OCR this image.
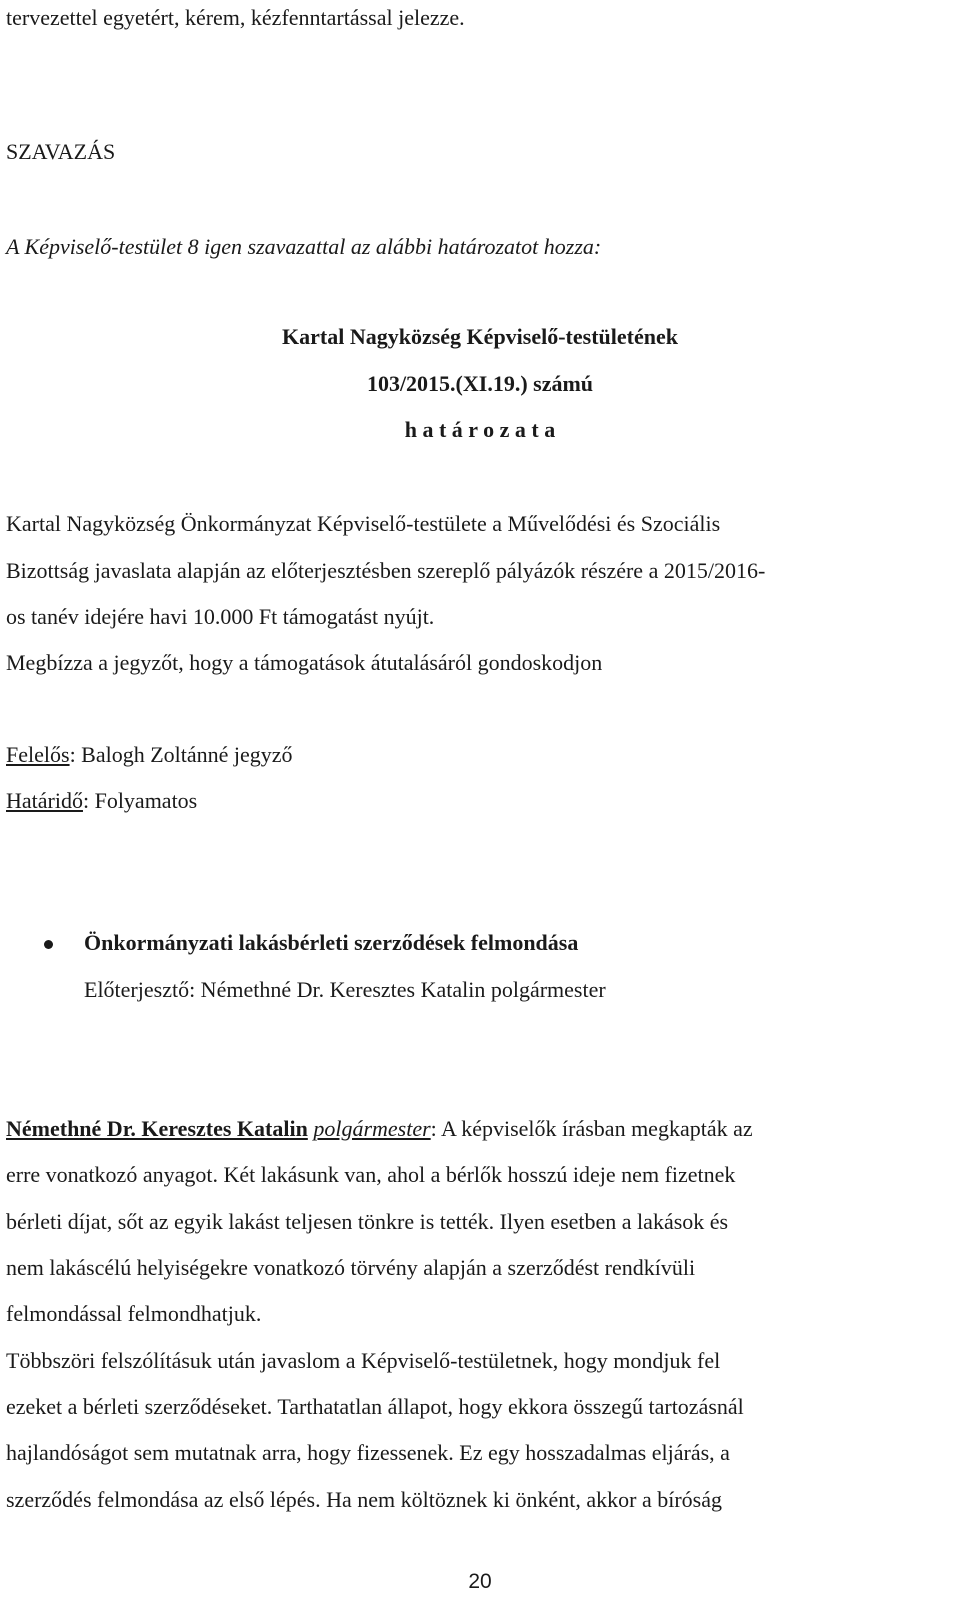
tervezettel egyetért, kérem, kézfenntartással jelezze.
SZAVAZÁS
A Képviselő-testület 8 igen szavazattal az alábbi határozatot hozza:
Kartal Nagyközség Képviselő-testületének
103/2015.(XI.19.) számú
h a t á r o z a t a
Kartal Nagyközség Önkormányzat Képviselő-testülete a Művelődési és Szociális
Bizottság javaslata alapján az előterjesztésben szereplő pályázók részére a 2015/2016-
os tanév idejére havi 10.000 Ft támogatást nyújt.
Megbízza a jegyzőt, hogy a támogatások átutalásáról gondoskodjon
Felelős: Balogh Zoltánné jegyző
Határidő: Folyamatos
Önkormányzati lakásbérleti szerződések felmondása
Előterjesztő: Némethné Dr. Keresztes Katalin polgármester
Némethné Dr. Keresztes Katalin polgármester: A képviselők írásban megkapták az
erre vonatkozó anyagot. Két lakásunk van, ahol a bérlők hosszú ideje nem fizetnek
bérleti díjat, sőt az egyik lakást teljesen tönkre is tették. Ilyen esetben a lakások és
nem lakáscélú helyiségekre vonatkozó törvény alapján a szerződést rendkívüli
felmondással felmondhatjuk.
Többszöri felszólításuk után javaslom a Képviselő-testületnek, hogy mondjuk fel
ezeket a bérleti szerződéseket. Tarthatatlan állapot, hogy ekkora összegű tartozásnál
hajlandóságot sem mutatnak arra, hogy fizessenek. Ez egy hosszadalmas eljárás, a
szerződés felmondása az első lépés. Ha nem költöznek ki önként, akkor a bíróság
20
